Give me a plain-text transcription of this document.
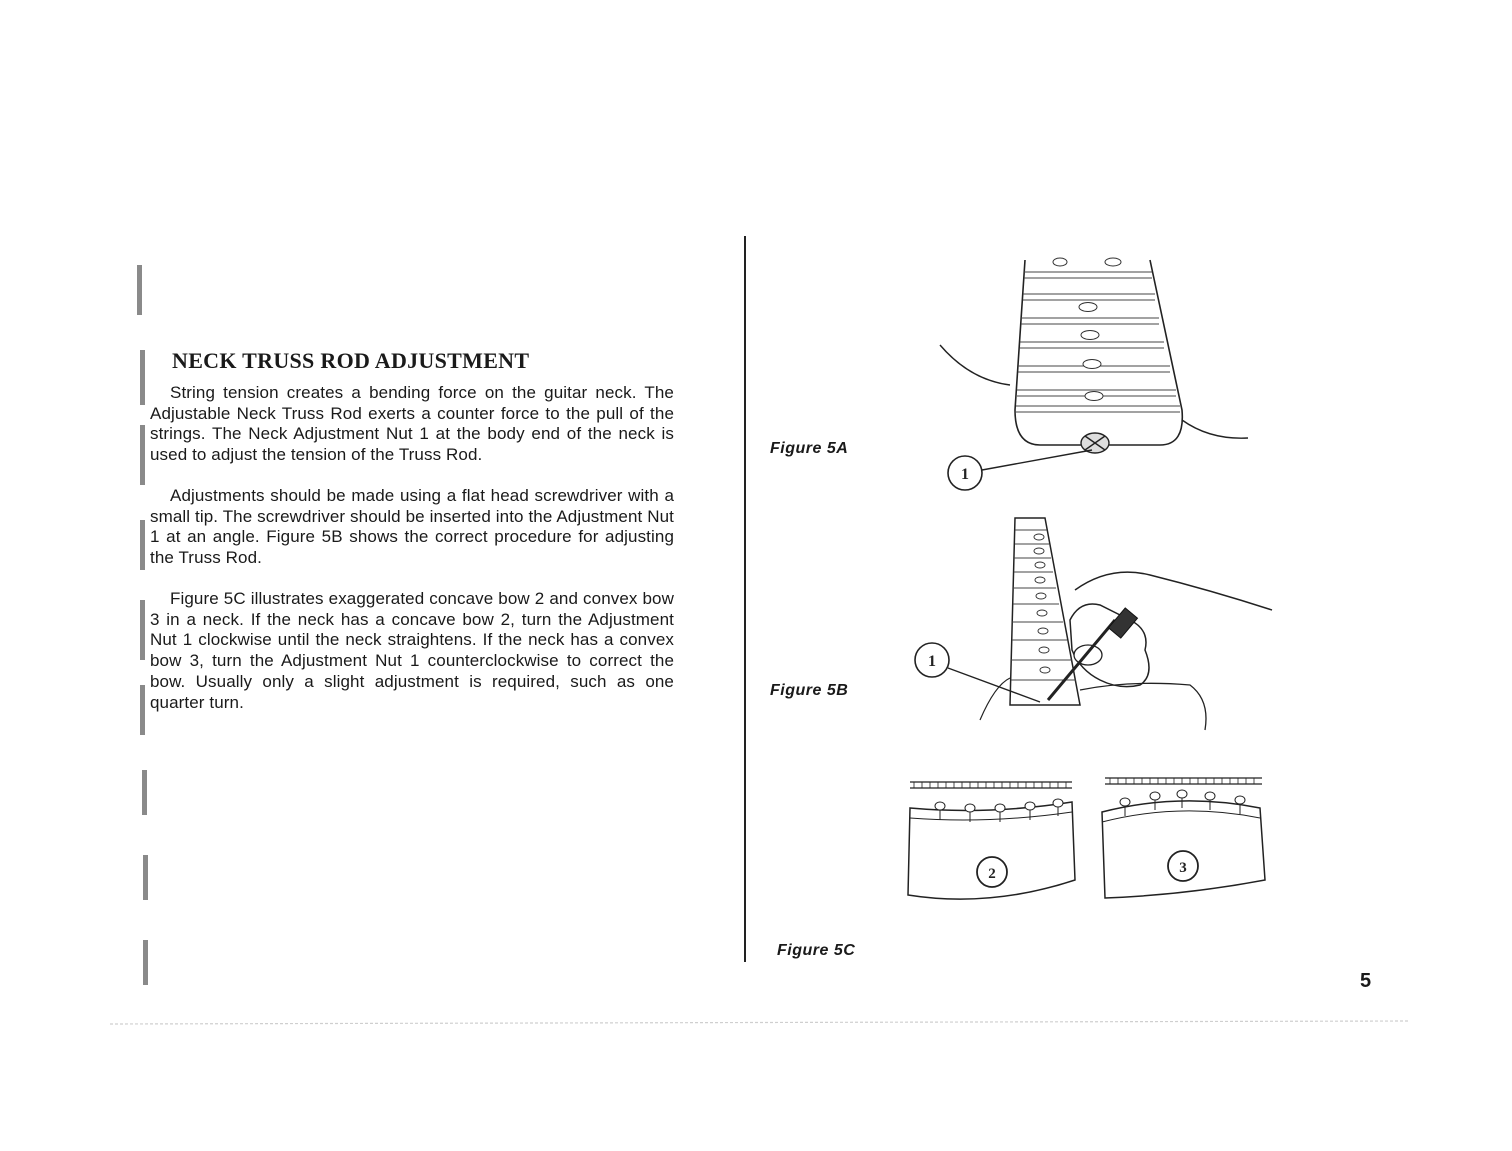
NECK TRUSS ROD ADJUSTMENT

String tension creates a bending force on the guitar neck. The Adjustable Neck Truss Rod exerts a counter force to the pull of the strings. The Neck Adjustment Nut 1 at the body end of the neck is used to adjust the tension of the Truss Rod.

Adjustments should be made using a flat head screwdriver with a small tip. The screwdriver should be inserted into the Adjustment Nut 1 at an angle. Figure 5B shows the correct procedure for adjusting the Truss Rod.

Figure 5C illustrates exaggerated concave bow 2 and convex bow 3 in a neck. If the neck has a concave bow 2, turn the Adjustment Nut 1 clockwise until the neck straightens. If the neck has a convex bow 3, turn the Adjustment Nut 1 counterclockwise to correct the bow. Usually only a slight adjustment is required, such as one quarter turn.

1
1
2	3
Figure 5A
Figure 5B
Figure 5C
5
